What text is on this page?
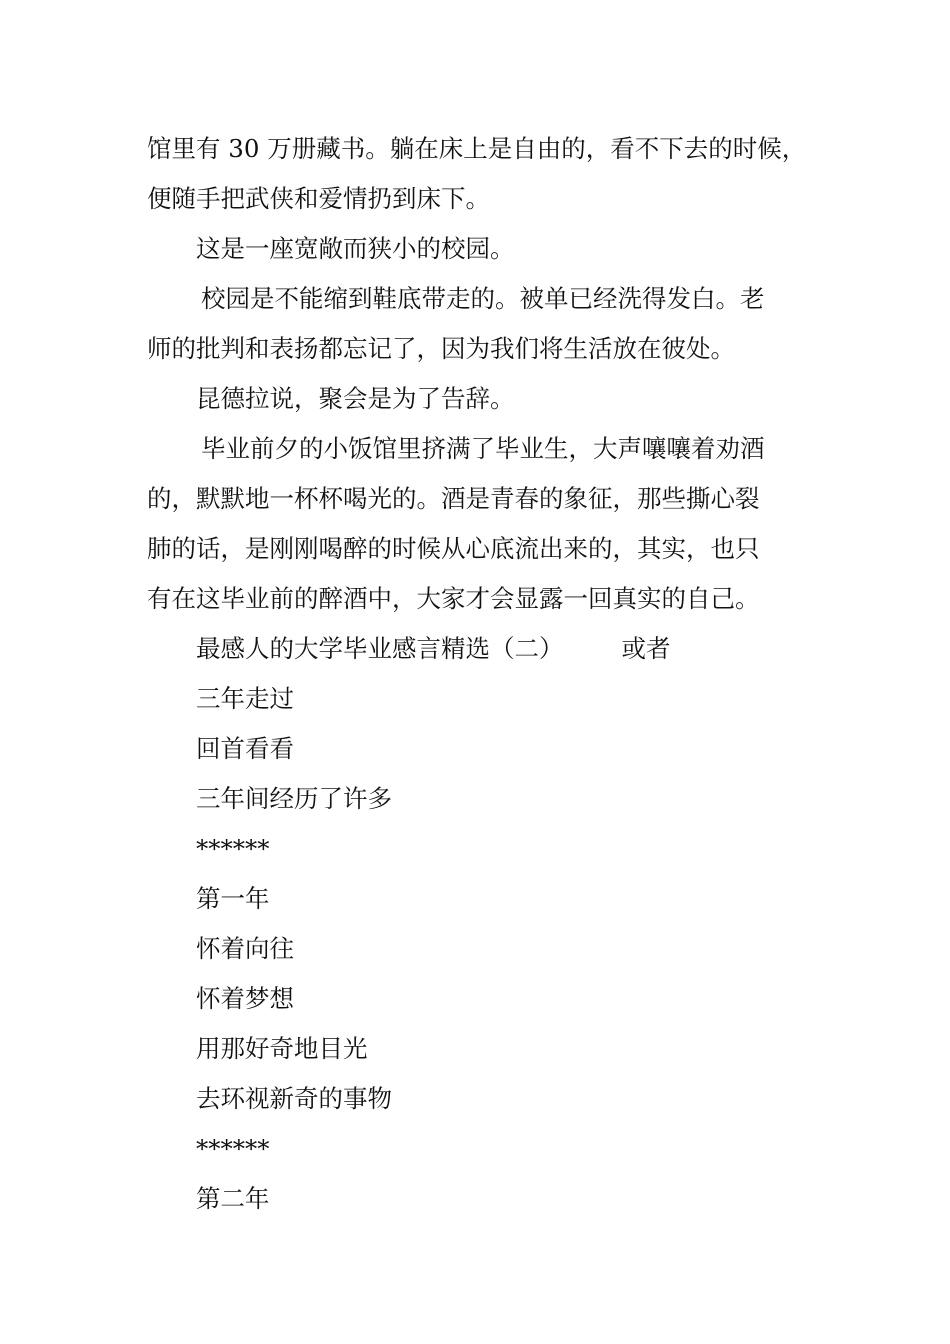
馆里有 30 万册藏书。躺在床上是自由的，看不下去的时候，
便随手把武侠和爱情扔到床下。
这是一座宽敞而狭小的校园。
校园是不能缩到鞋底带走的。被单已经洗得发白。老
师的批判和表扬都忘记了，因为我们将生活放在彼处。
昆德拉说，聚会是为了告辞。
毕业前夕的小饭馆里挤满了毕业生，大声嚷嚷着劝酒
的，默默地一杯杯喝光的。酒是青春的象征，那些撕心裂
肺的话，是刚刚喝醉的时候从心底流出来的，其实，也只
有在这毕业前的醉酒中，大家才会显露一回真实的自己。
最感人的大学毕业感言精选（二） 或者
三年走过
回首看看
三年间经历了许多
******
第一年
怀着向往
怀着梦想
用那好奇地目光
去环视新奇的事物
******
第二年
